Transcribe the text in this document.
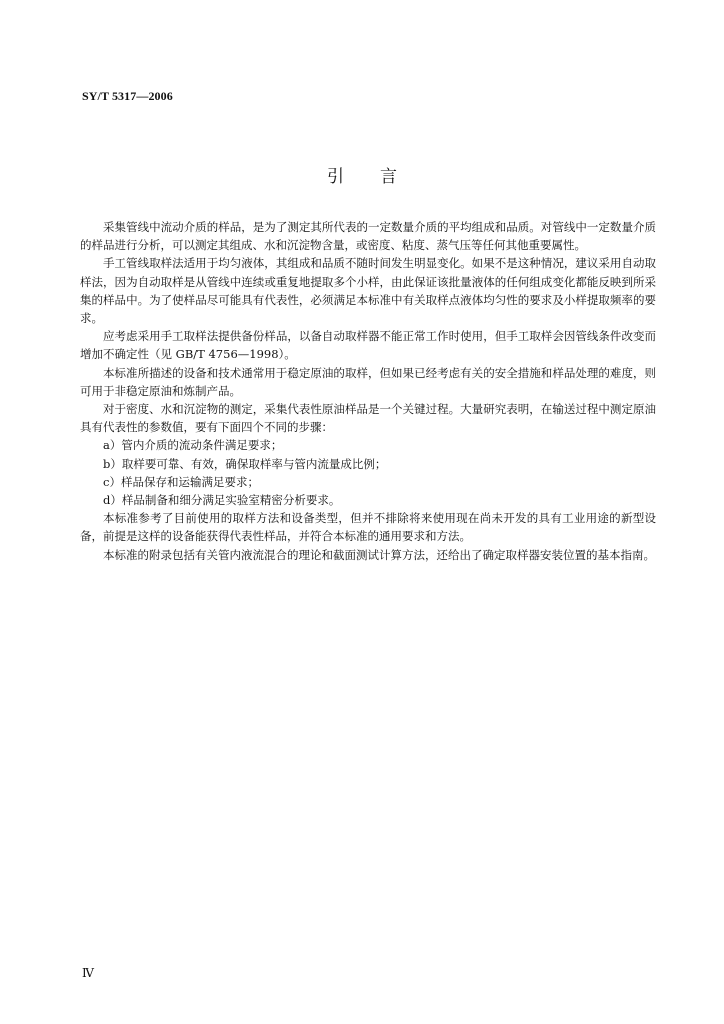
SY/T 5317—2006
引言

采集管线中流动介质的样品，是为了测定其所代表的一定数量介质的平均组成和品质。对管线中一定数量介质的样品进行分析，可以测定其组成、水和沉淀物含量，或密度、粘度、蒸气压等任何其他重要属性。

手工管线取样法适用于均匀液体，其组成和品质不随时间发生明显变化。如果不是这种情况，建议采用自动取样法，因为自动取样是从管线中连续或重复地提取多个小样，由此保证该批量液体的任何组成变化都能反映到所采集的样品中。为了使样品尽可能具有代表性，必须满足本标准中有关取样点液体均匀性的要求及小样提取频率的要求。

应考虑采用手工取样法提供备份样品，以备自动取样器不能正常工作时使用，但手工取样会因管线条件改变而增加不确定性（见 GB/T 4756—1998）。

本标准所描述的设备和技术通常用于稳定原油的取样，但如果已经考虑有关的安全措施和样品处理的难度，则可用于非稳定原油和炼制产品。

对于密度、水和沉淀物的测定，采集代表性原油样品是一个关键过程。大量研究表明，在输送过程中测定原油具有代表性的参数值，要有下面四个不同的步骤：

a）管内介质的流动条件满足要求；

b）取样要可靠、有效，确保取样率与管内流量成比例；

c）样品保存和运输满足要求；

d）样品制备和细分满足实验室精密分析要求。

本标准参考了目前使用的取样方法和设备类型，但并不排除将来使用现在尚未开发的具有工业用途的新型设备，前提是这样的设备能获得代表性样品，并符合本标准的通用要求和方法。

本标准的附录包括有关管内液流混合的理论和截面测试计算方法，还给出了确定取样器安装位置的基本指南。

Ⅳ
